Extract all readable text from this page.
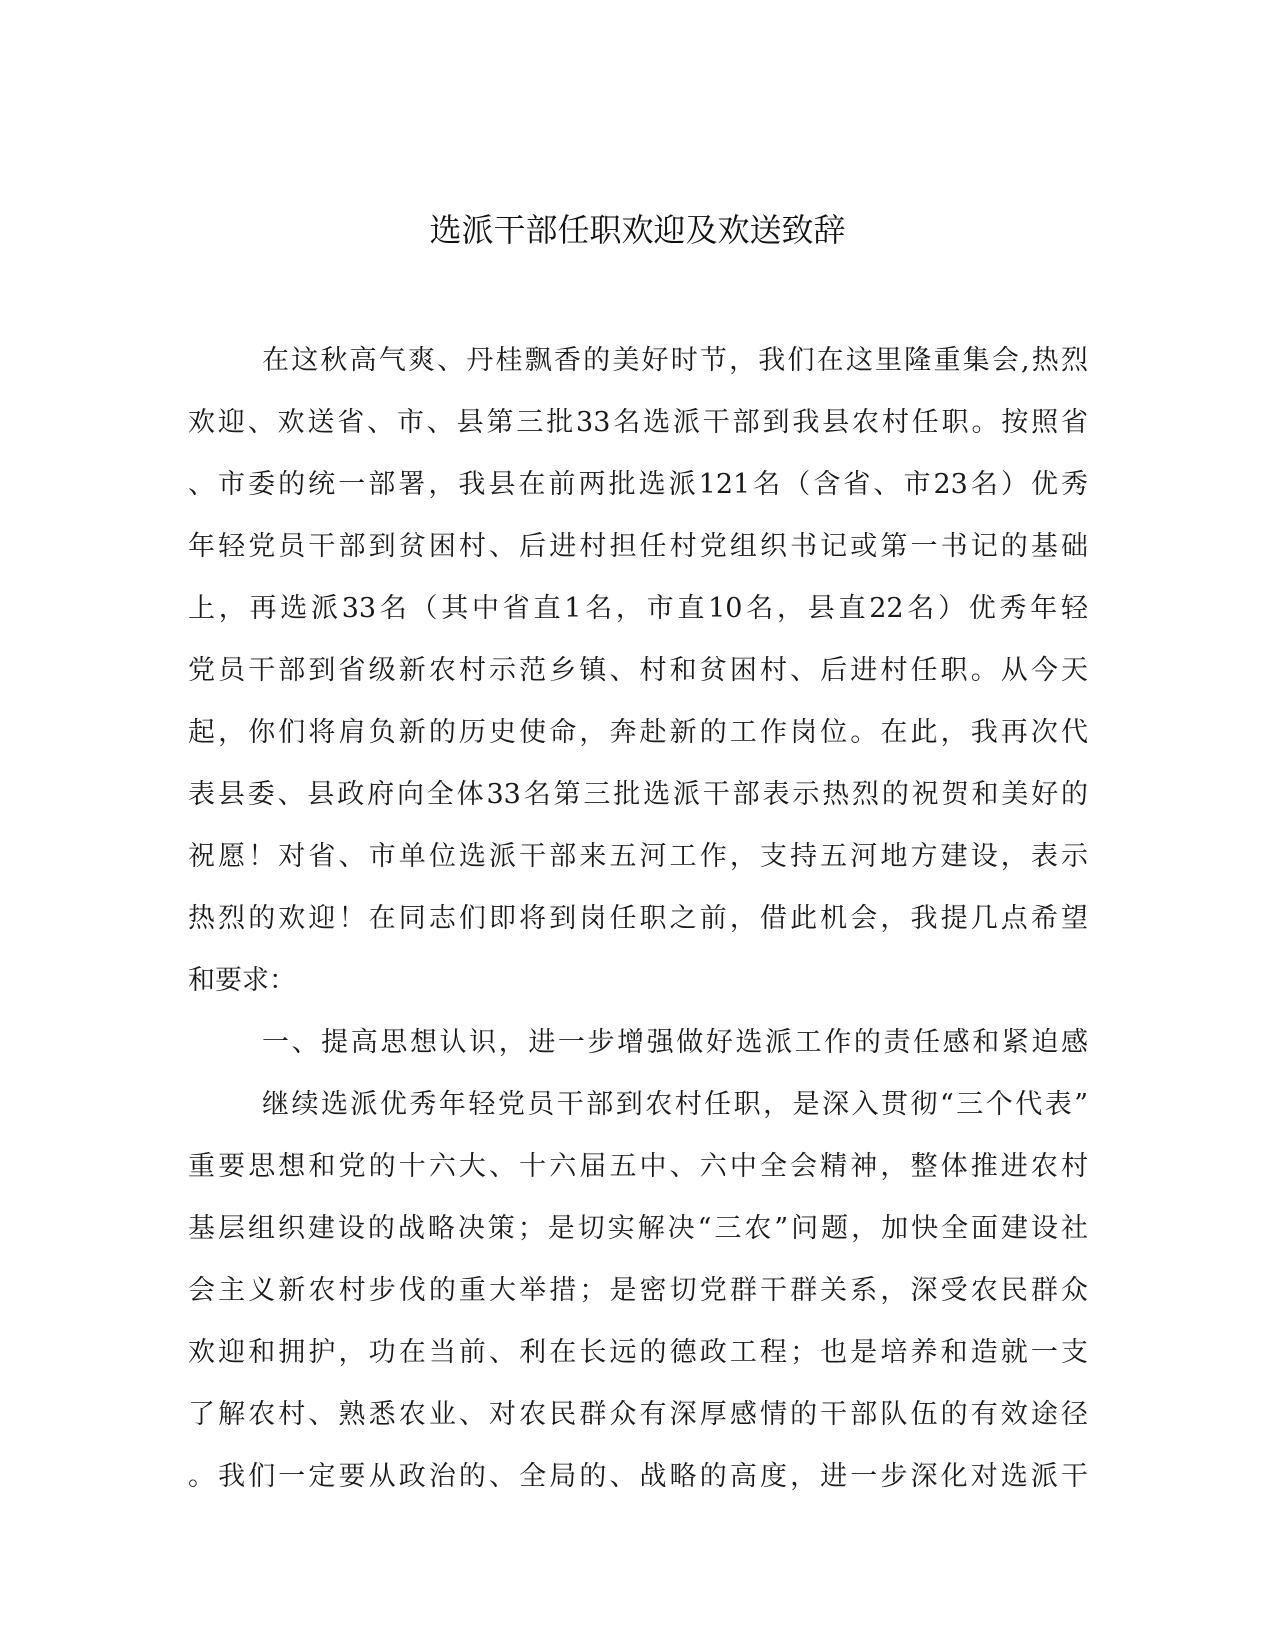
选派干部任职欢迎及欢送致辞
在这秋高气爽、丹桂飘香的美好时节，我们在这里隆重集会,热烈
欢迎、欢送省、市、县第三批33名选派干部到我县农村任职。按照省
、市委的统一部署，我县在前两批选派121名（含省、市23名）优秀
年轻党员干部到贫困村、后进村担任村党组织书记或第一书记的基础
上，再选派33名（其中省直1名，市直10名，县直22名）优秀年轻
党员干部到省级新农村示范乡镇、村和贫困村、后进村任职。从今天
起，你们将肩负新的历史使命，奔赴新的工作岗位。在此，我再次代
表县委、县政府向全体33名第三批选派干部表示热烈的祝贺和美好的
祝愿！对省、市单位选派干部来五河工作，支持五河地方建设，表示
热烈的欢迎！在同志们即将到岗任职之前，借此机会，我提几点希望
和要求：
一、提高思想认识，进一步增强做好选派工作的责任感和紧迫感
继续选派优秀年轻党员干部到农村任职，是深入贯彻“三个代表”
重要思想和党的十六大、十六届五中、六中全会精神，整体推进农村
基层组织建设的战略决策；是切实解决“三农”问题，加快全面建设社
会主义新农村步伐的重大举措；是密切党群干群关系，深受农民群众
欢迎和拥护，功在当前、利在长远的德政工程；也是培养和造就一支
了解农村、熟悉农业、对农民群众有深厚感情的干部队伍的有效途径
。我们一定要从政治的、全局的、战略的高度，进一步深化对选派干
